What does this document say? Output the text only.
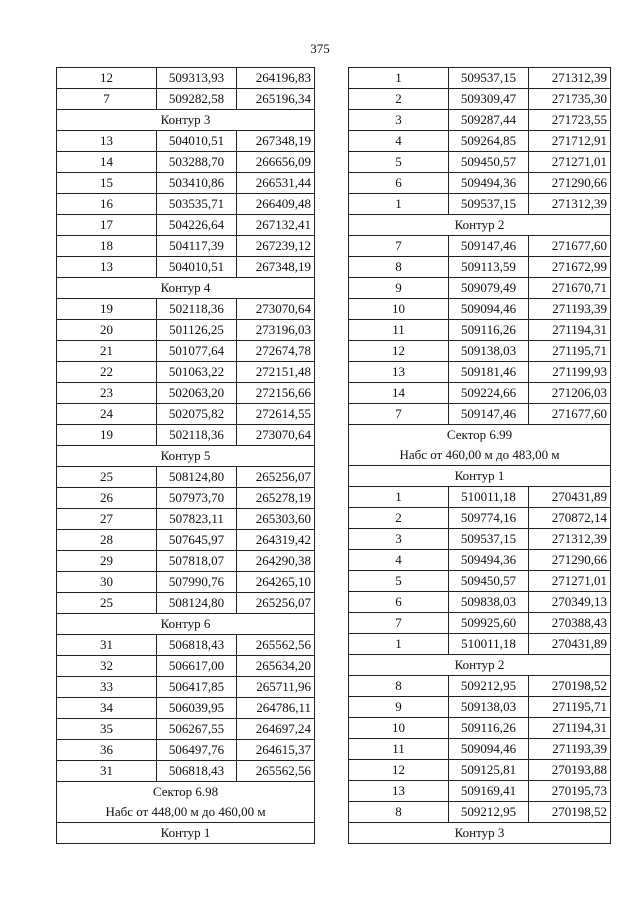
375
12	509313,93	264196,83
7	509282,58	265196,34
Контур 3		
13	504010,51	267348,19
14	503288,70	266656,09
15	503410,86	266531,44
16	503535,71	266409,48
17	504226,64	267132,41
18	504117,39	267239,12
13	504010,51	267348,19
Контур 4		
19	502118,36	273070,64
20	501126,25	273196,03
21	501077,64	272674,78
22	501063,22	272151,48
23	502063,20	272156,66
24	502075,82	272614,55
19	502118,36	273070,64
Контур 5		
25	508124,80	265256,07
26	507973,70	265278,19
27	507823,11	265303,60
28	507645,97	264319,42
29	507818,07	264290,38
30	507990,76	264265,10
25	508124,80	265256,07
Контур 6		
31	506818,43	265562,56
32	506617,00	265634,20
33	506417,85	265711,96
34	506039,95	264786,11
35	506267,55	264697,24
36	506497,76	264615,37
31	506818,43	265562,56

Сектор 6.98
Набс от 448,00 м до 460,00 м		

Контур 1		
1	509537,15	271312,39
2	509309,47	271735,30
3	509287,44	271723,55
4	509264,85	271712,91
5	509450,57	271271,01
6	509494,36	271290,66
1	509537,15	271312,39
Контур 2		
7	509147,46	271677,60
8	509113,59	271672,99
9	509079,49	271670,71
10	509094,46	271193,39
11	509116,26	271194,31
12	509138,03	271195,71
13	509181,46	271199,93
14	509224,66	271206,03
7	509147,46	271677,60

Сектор 6.99
Набс от 460,00 м до 483,00 м		

Контур 1		
1	510011,18	270431,89
2	509774,16	270872,14
3	509537,15	271312,39
4	509494,36	271290,66
5	509450,57	271271,01
6	509838,03	270349,13
7	509925,60	270388,43
1	510011,18	270431,89
Контур 2		
8	509212,95	270198,52
9	509138,03	271195,71
10	509116,26	271194,31
11	509094,46	271193,39
12	509125,81	270193,88
13	509169,41	270195,73
8	509212,95	270198,52
Контур 3		
